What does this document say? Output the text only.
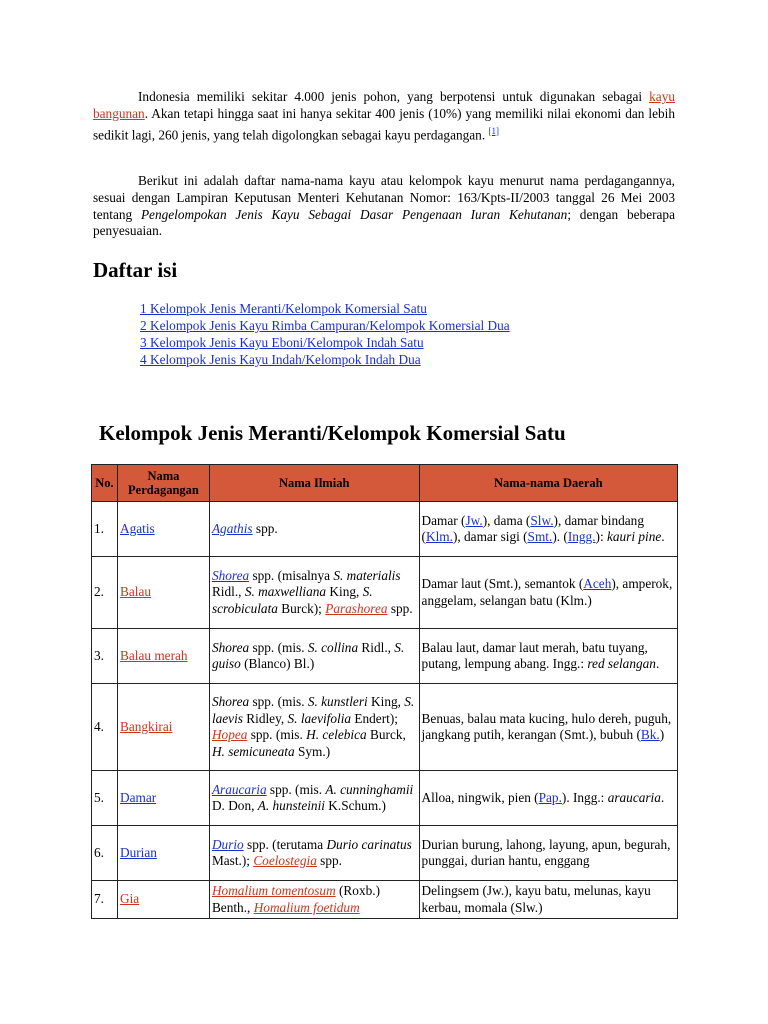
Indonesia memiliki sekitar 4.000 jenis pohon, yang berpotensi untuk digunakan sebagai kayu bangunan. Akan tetapi hingga saat ini hanya sekitar 400 jenis (10%) yang memiliki nilai ekonomi dan lebih sedikit lagi, 260 jenis, yang telah digolongkan sebagai kayu perdagangan. [1]

Berikut ini adalah daftar nama-nama kayu atau kelompok kayu menurut nama perdagangannya, sesuai dengan Lampiran Keputusan Menteri Kehutanan Nomor: 163/Kpts-II/2003 tanggal 26 Mei 2003 tentang Pengelompokan Jenis Kayu Sebagai Dasar Pengenaan Iuran Kehutanan; dengan beberapa penyesuaian.

Daftar isi
1 Kelompok Jenis Meranti/Kelompok Komersial Satu
2 Kelompok Jenis Kayu Rimba Campuran/Kelompok Komersial Dua
3 Kelompok Jenis Kayu Eboni/Kelompok Indah Satu
4 Kelompok Jenis Kayu Indah/Kelompok Indah Dua
Kelompok Jenis Meranti/Kelompok Komersial Satu
No.	Nama Perdagangan	Nama Ilmiah	Nama-nama Daerah
1.	Agatis	Agathis spp.	Damar (Jw.), dama (Slw.), damar bindang (Klm.), damar sigi (Smt.). (Ingg.): kauri pine.
2.	Balau	Shorea spp. (misalnya S. materialis Ridl., S. maxwelliana King, S. scrobiculata Burck); Parashorea spp.	Damar laut (Smt.), semantok (Aceh), amperok, anggelam, selangan batu (Klm.)
3.	Balau merah	Shorea spp. (mis. S. collina Ridl., S. guiso (Blanco) Bl.)	Balau laut, damar laut merah, batu tuyang, putang, lempung abang. Ingg.: red selangan.
4.	Bangkirai	Shorea spp. (mis. S. kunstleri King, S. laevis Ridley, S. laevifolia Endert); Hopea spp. (mis. H. celebica Burck, H. semicuneata Sym.)	Benuas, balau mata kucing, hulo dereh, puguh, jangkang putih, kerangan (Smt.), bubuh (Bk.)
5.	Damar	Araucaria spp. (mis. A. cunninghamii D. Don, A. hunsteinii K.Schum.)	Alloa, ningwik, pien (Pap.). Ingg.: araucaria.
6.	Durian	Durio spp. (terutama Durio carinatus Mast.); Coelostegia spp.	Durian burung, lahong, layung, apun, begurah, punggai, durian hantu, enggang
7.	Gia	Homalium tomentosum (Roxb.) Benth., Homalium foetidum	Delingsem (Jw.), kayu batu, melunas, kayu kerbau, momala (Slw.)
